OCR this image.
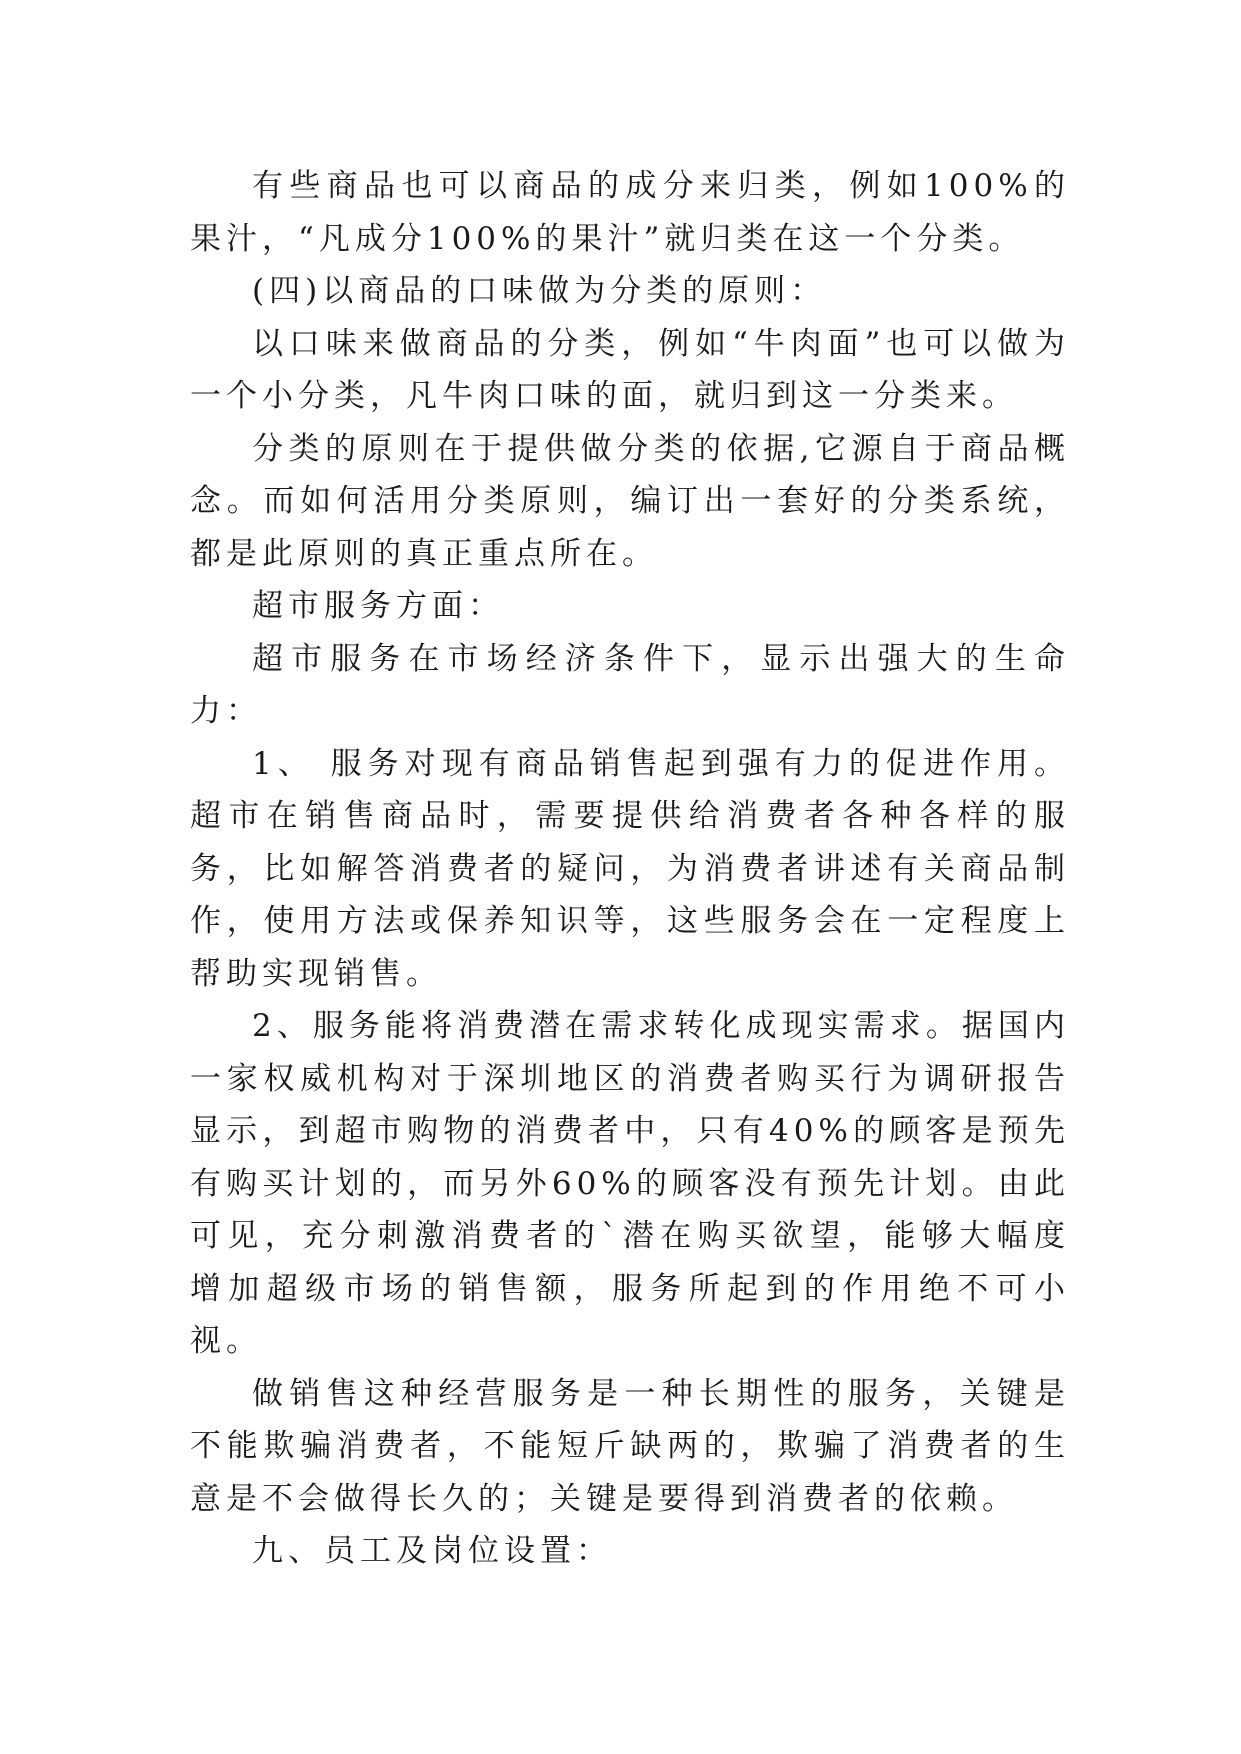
有些商品也可以商品的成分来归类，例如100%的果汁，“凡成分100%的果汁”就归类在这一个分类。

(四)以商品的口味做为分类的原则：

以口味来做商品的分类，例如“牛肉面”也可以做为一个小分类，凡牛肉口味的面，就归到这一分类来。

分类的原则在于提供做分类的依据,它源自于商品概念。而如何活用分类原则，编订出一套好的分类系统，都是此原则的真正重点所在。

超市服务方面：

超市服务在市场经济条件下，显示出强大的生命力：

1、 服务对现有商品销售起到强有力的促进作用。超市在销售商品时，需要提供给消费者各种各样的服务，比如解答消费者的疑问，为消费者讲述有关商品制作，使用方法或保养知识等，这些服务会在一定程度上帮助实现销售。

2、服务能将消费潜在需求转化成现实需求。据国内一家权威机构对于深圳地区的消费者购买行为调研报告显示，到超市购物的消费者中，只有40%的顾客是预先有购买计划的，而另外60%的顾客没有预先计划。由此可见，充分刺激消费者的`潜在购买欲望，能够大幅度增加超级市场的销售额，服务所起到的作用绝不可小视。

做销售这种经营服务是一种长期性的服务，关键是不能欺骗消费者，不能短斤缺两的，欺骗了消费者的生意是不会做得长久的；关键是要得到消费者的依赖。

九、员工及岗位设置：
